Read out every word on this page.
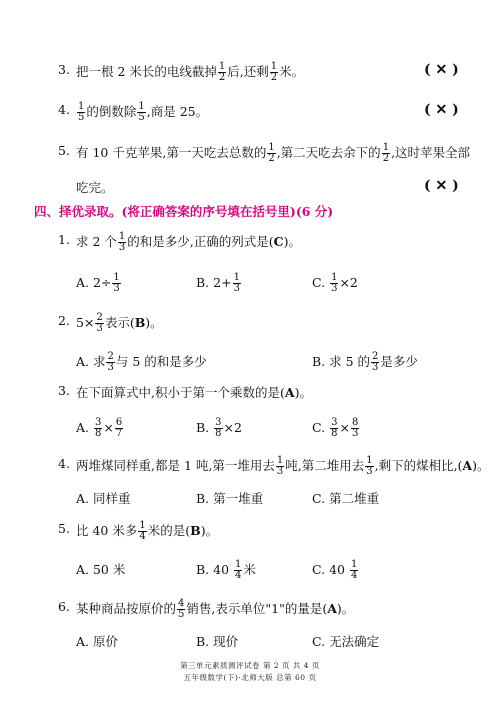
3. 把一根 2 米长的电线截掉 $\frac{1}{2}$ 后,还剩 $\frac{1}{2}$ 米。	( ✕ )
4. $\frac{1}{5}$ 的倒数除 $\frac{1}{5}$ ,商是 25。	( ✕ )
5. 有 10 千克苹果,第一天吃去总数的 $\frac{1}{2}$ ,第二天吃去余下的 $\frac{1}{2}$ ,这时苹果全部
吃完。	( ✕ )
四、择优录取。(将正确答案的序号填在括号里)(6 分)
1. 求 2 个 $\frac{1}{3}$ 的和是多少,正确的列式是(C)。
A. $2\div \frac{1}{3}$	B. $2+ \frac{1}{3}$	C. $\frac{1}{3} \times 2$
2. $5\times \frac{2}{3}$ 表示(B)。
A. 求 $\frac{2}{3}$ 与 5 的和是多少	B. 求 5 的 $\frac{2}{3}$ 是多少
3. 在下面算式中,积小于第一个乘数的是(A)。
A. $\frac{3}{8} \times \frac{6}{7}$	B. $\frac{3}{8} \times 2$	C. $\frac{3}{8} \times \frac{8}{3}$
4. 两堆煤同样重,都是 1 吨,第一堆用去 $\frac{1}{3}$ 吨,第二堆用去 $\frac{1}{3}$ ,剩下的煤相比,(A)。
A. 同样重	B. 第一堆重	C. 第二堆重
5. 比 40 米多 $\frac{1}{4}$ 米的是(B)。
A. 50 米	B. $40 \frac{1}{4}$ 米	C. $40 \frac{1}{4}$
6. 某种商品按原价的 $\frac{4}{5}$ 销售,表示单位"1"的量是(A)。
A. 原价	B. 现价	C. 无法确定
第三单元素质测评试卷 第 2 页 共 4 页
五年级数学(下)·北师大版 总第 60 页
